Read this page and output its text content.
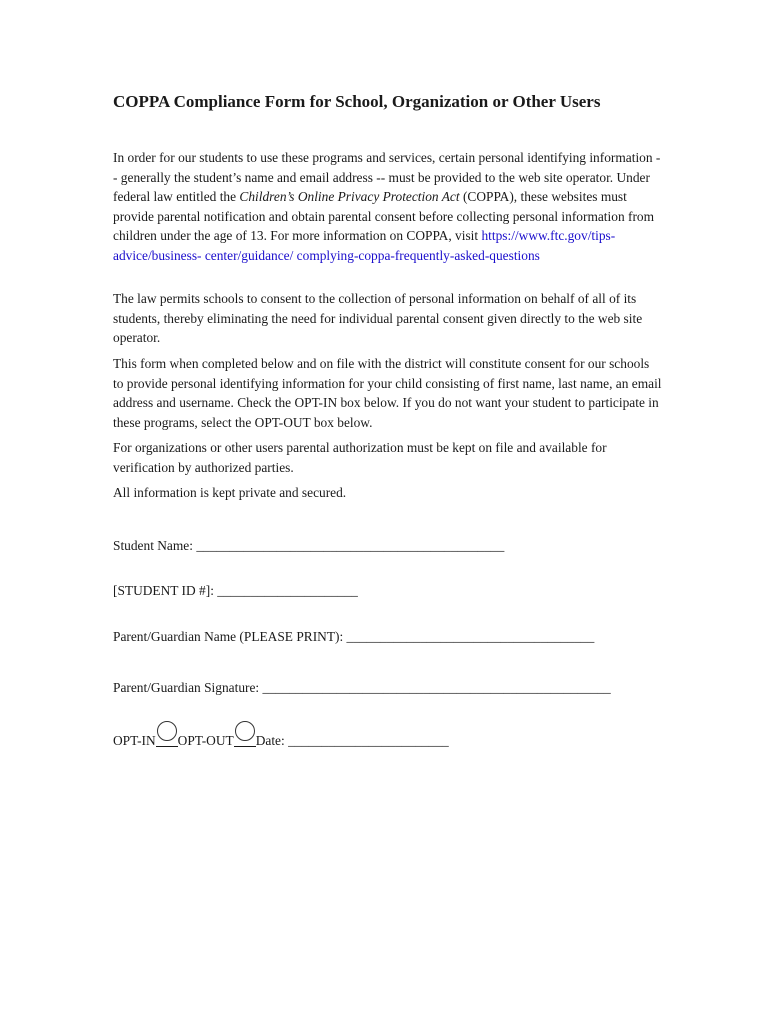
COPPA Compliance Form for School, Organization or Other Users

In order for our students to use these programs and services, certain personal identifying information -- generally the student’s name and email address -- must be provided to the web site operator. Under federal law entitled the Children’s Online Privacy Protection Act (COPPA), these websites must provide parental notification and obtain parental consent before collecting personal information from children under the age of 13. For more information on COPPA, visit https://www.ftc.gov/tips-advice/business- center/guidance/ complying-coppa-frequently-asked-questions

The law permits schools to consent to the collection of personal information on behalf of all of its students, thereby eliminating the need for individual parental consent given directly to the web site operator.

This form when completed below and on file with the district will constitute consent for our schools to provide personal identifying information for your child consisting of first name, last name, an email address and username. Check the OPT-IN box below. If you do not want your student to participate in these programs, select the OPT-OUT box below.

For organizations or other users parental authorization must be kept on file and available for verification by authorized parties.

All information is kept private and secured.

Student Name: ______________________________________________

[STUDENT ID #]: _____________________

Parent/Guardian Name (PLEASE PRINT): _____________________________________

Parent/Guardian Signature: ____________________________________________________

OPT-IN OPT-OUT Date: ________________________
